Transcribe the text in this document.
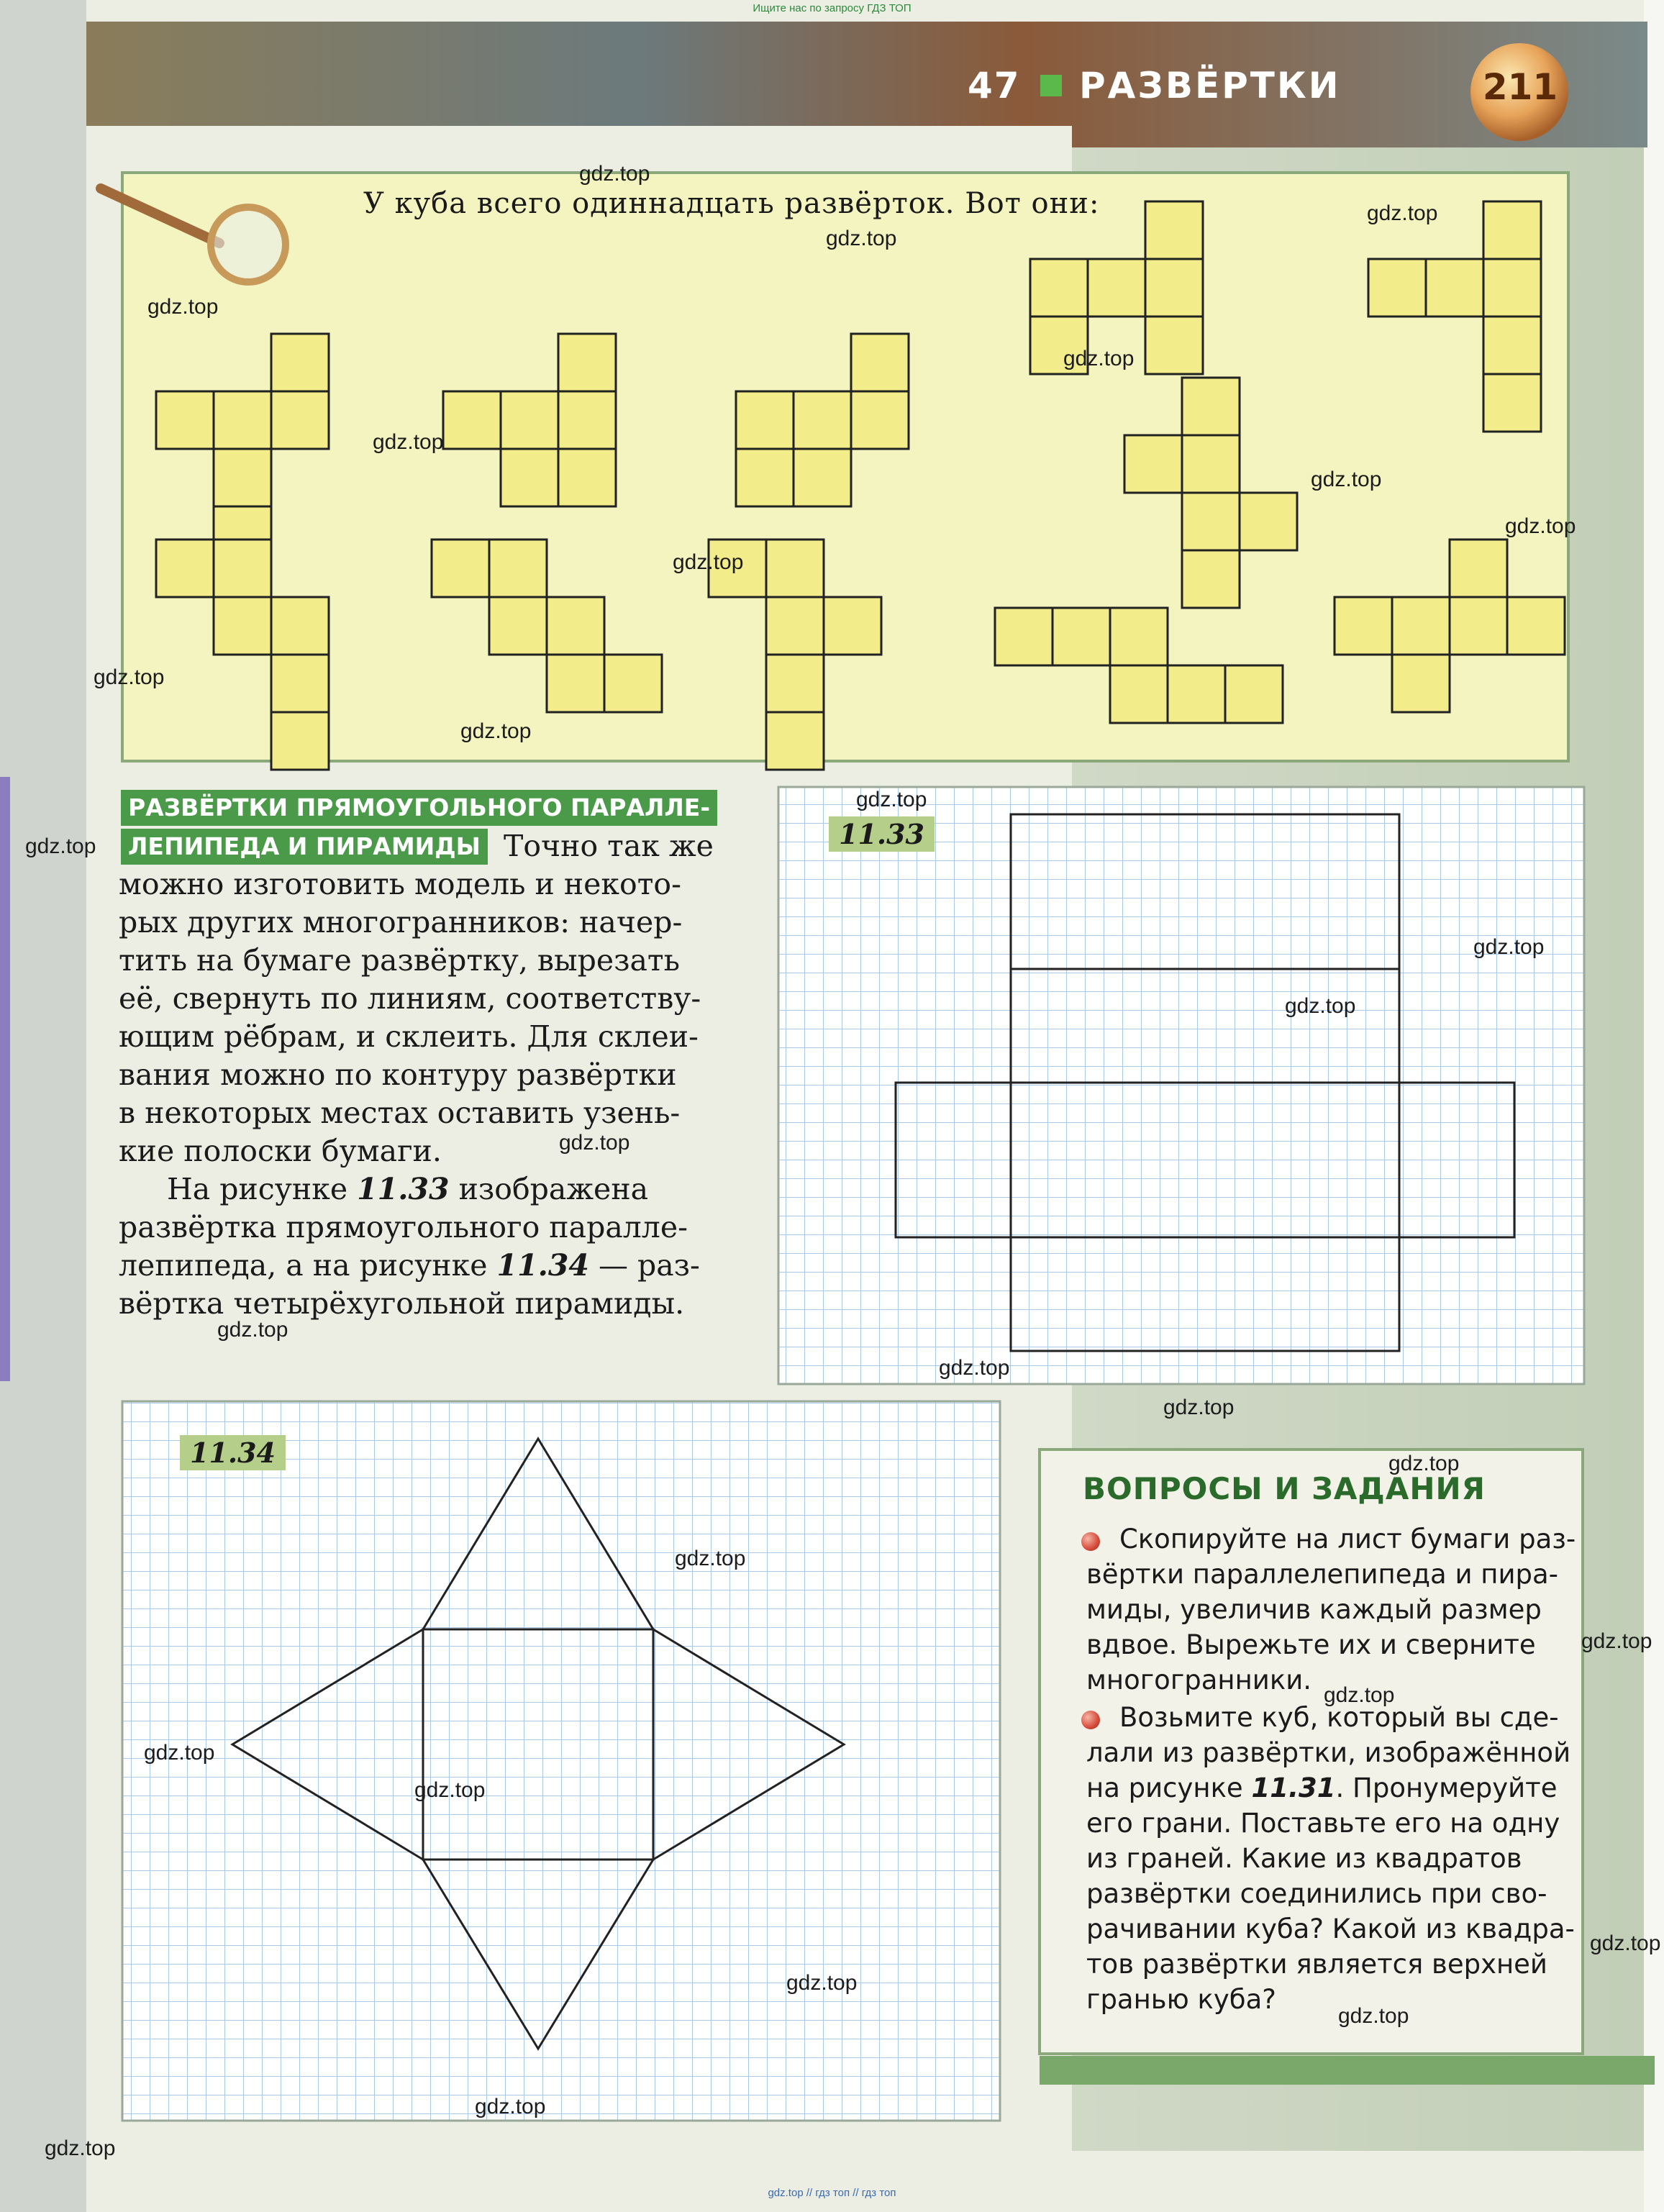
Ищите нас по запросу ГДЗ ТОП
47 РАЗВЁРТКИ	211
У куба всего одиннадцать развёрток. Вот они:
РАЗВЁРТКИ ПРЯМОУГОЛЬНОГО ПАРАЛЛЕ-
ЛЕПИПЕДА И ПИРАМИДЫ Точно так же
можно изготовить модель и некото-
рых других многогранников: начер-
тить на бумаге развёртку, вырезать
её, свернуть по линиям, соответству-
ющим рёбрам, и склеить. Для склеи-
вания можно по контуру развёртки
в некоторых местах оставить узень-
кие полоски бумаги.
На рисунке 11.33 изображена
развёртка прямоугольного паралле-
лепипеда, а на рисунке 11.34 — раз-
вёртка четырёхугольной пирамиды.
11.33
11.34
ВОПРОСЫ И ЗАДАНИЯ
Скопируйте на лист бумаги раз-
вёртки параллелепипеда и пира-
миды, увеличив каждый размер
вдвое. Вырежьте их и сверните
многогранники.
Возьмите куб, который вы сде-
лали из развёртки, изображённой
на рисунке 11.31. Пронумеруйте
его грани. Поставьте его на одну
из граней. Какие из квадратов
развёртки соединились при сво-
рачивании куба? Какой из квадра-
тов развёртки является верхней
гранью куба?
gdz.top
gdz.top
gdz.top
gdz.top
gdz.top
gdz.top
gdz.top
gdz.top
gdz.top
gdz.top
gdz.top
gdz.top
gdz.top
gdz.top
gdz.top
gdz.top
gdz.top
gdz.top
gdz.top
gdz.top
gdz.top
gdz.top
gdz.top
gdz.top
gdz.top
gdz.top
gdz.top
gdz.top
gdz.top
gdz.top
gdz.top // гдз топ // гдз топ
